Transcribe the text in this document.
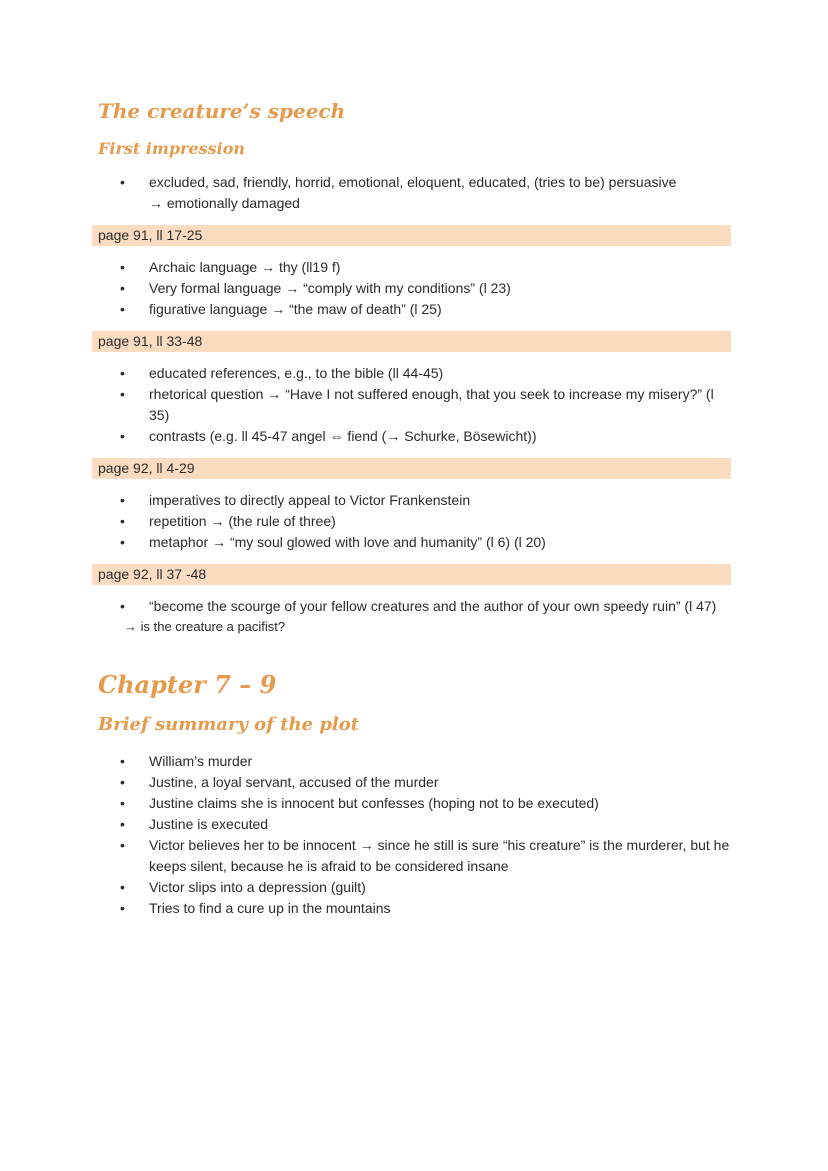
The creature’s speech
First impression
•	excluded, sad, friendly, horrid, emotional, eloquent, educated, (tries to be) persuasive
→ emotionally damaged
page 91, ll 17-25
•	Archaic language → thy (ll19 f)
•	Very formal language → “comply with my conditions” (l 23)
•	figurative language → “the maw of death” (l 25)
page 91, ll 33-48
•	educated references, e.g., to the bible (ll 44-45)
•	rhetorical question → “Have I not suffered enough, that you seek to increase my misery?” (l
35)
•	contrasts (e.g. ll 45-47 angel ⇔ fiend (→ Schurke, Bösewicht))
page 92, ll 4-29
•	imperatives to directly appeal to Victor Frankenstein
•	repetition → (the rule of three)
•	metaphor → “my soul glowed with love and humanity” (l 6) (l 20)
page 92, ll 37 -48
•	“become the scourge of your fellow creatures and the author of your own speedy ruin” (l 47)
→ is the creature a pacifist?
Chapter 7 – 9
Brief summary of the plot
•	William’s murder
•	Justine, a loyal servant, accused of the murder
•	Justine claims she is innocent but confesses (hoping not to be executed)
•	Justine is executed
•	Victor believes her to be innocent → since he still is sure “his creature” is the murderer, but he
keeps silent, because he is afraid to be considered insane
•	Victor slips into a depression (guilt)
•	Tries to find a cure up in the mountains
